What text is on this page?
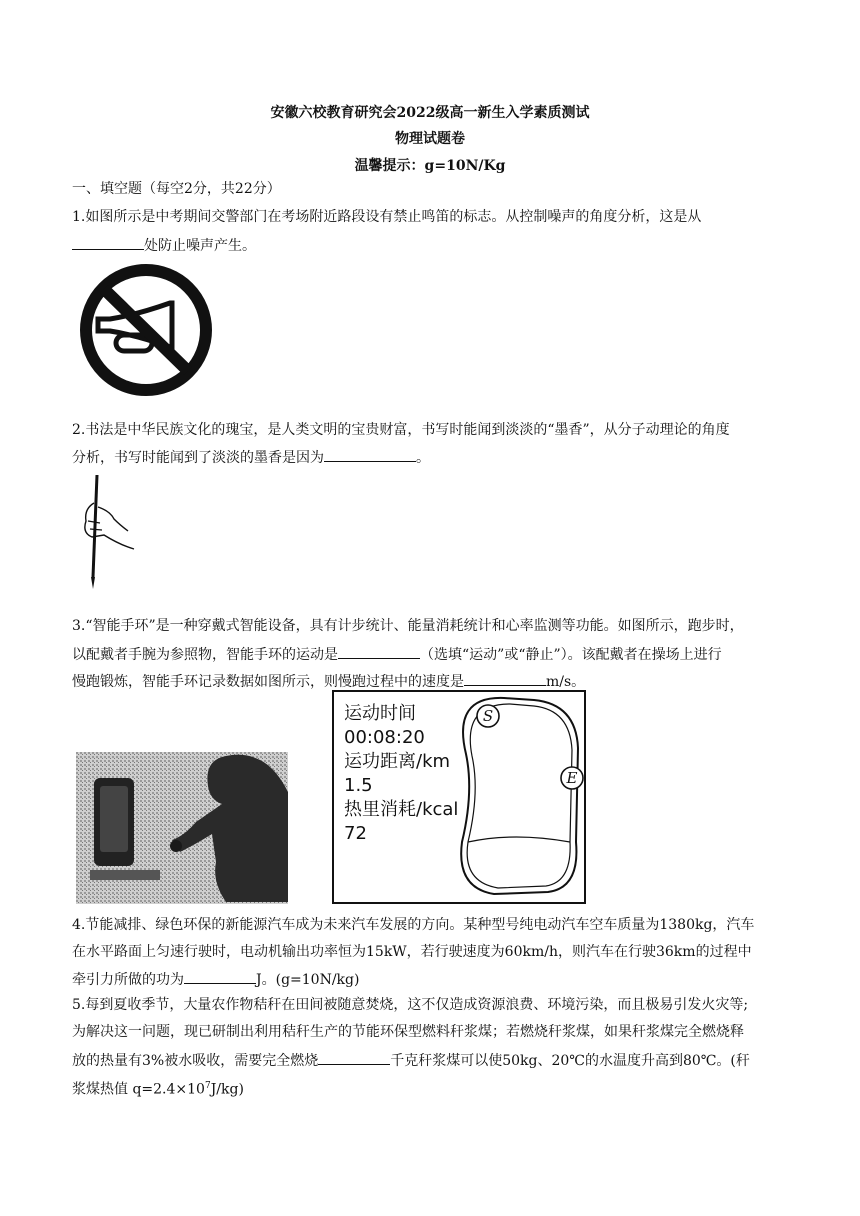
安徽六校教育研究会2022级高一新生入学素质测试
物理试题卷
温馨提示：g=10N/Kg
一、填空题（每空2分，共22分）
1.如图所示是中考期间交警部门在考场附近路段设有禁止鸣笛的标志。从控制噪声的角度分析，这是从
处防止噪声产生。
2.书法是中华民族文化的瑰宝，是人类文明的宝贵财富，书写时能闻到淡淡的“墨香”，从分子动理论的角度
分析，书写时能闻到了淡淡的墨香是因为	。
3.“智能手环”是一种穿戴式智能设备，具有计步统计、能量消耗统计和心率监测等功能。如图所示，跑步时，
以配戴者手腕为参照物，智能手环的运动是	（选填“运动”或“静止”）。该配戴者在操场上进行
慢跑锻炼，智能手环记录数据如图所示，则慢跑过程中的速度是	m/s。
运动时间
00:08:20
运功距离/km
1.5
热里消耗/kcal
72
S
E
4.节能减排、绿色环保的新能源汽车成为未来汽车发展的方向。某种型号纯电动汽车空车质量为1380kg，汽车
在水平路面上匀速行驶时，电动机输出功率恒为15kW，若行驶速度为60km/h，则汽车在行驶36km的过程中
牵引力所做的功为	J。(g=10N/kg)
5.每到夏收季节，大量农作物秸秆在田间被随意焚烧，这不仅造成资源浪费、环境污染，而且极易引发火灾等;
为解决这一问题，现已研制出利用秸秆生产的节能环保型燃料秆浆煤；若燃烧秆浆煤，如果秆浆煤完全燃烧释
放的热量有3%被水吸收，需要完全燃烧	千克秆浆煤可以使50kg、20℃的水温度升高到80℃。(秆
浆煤热值 $q=2.4\times 10^7J/kg$)
